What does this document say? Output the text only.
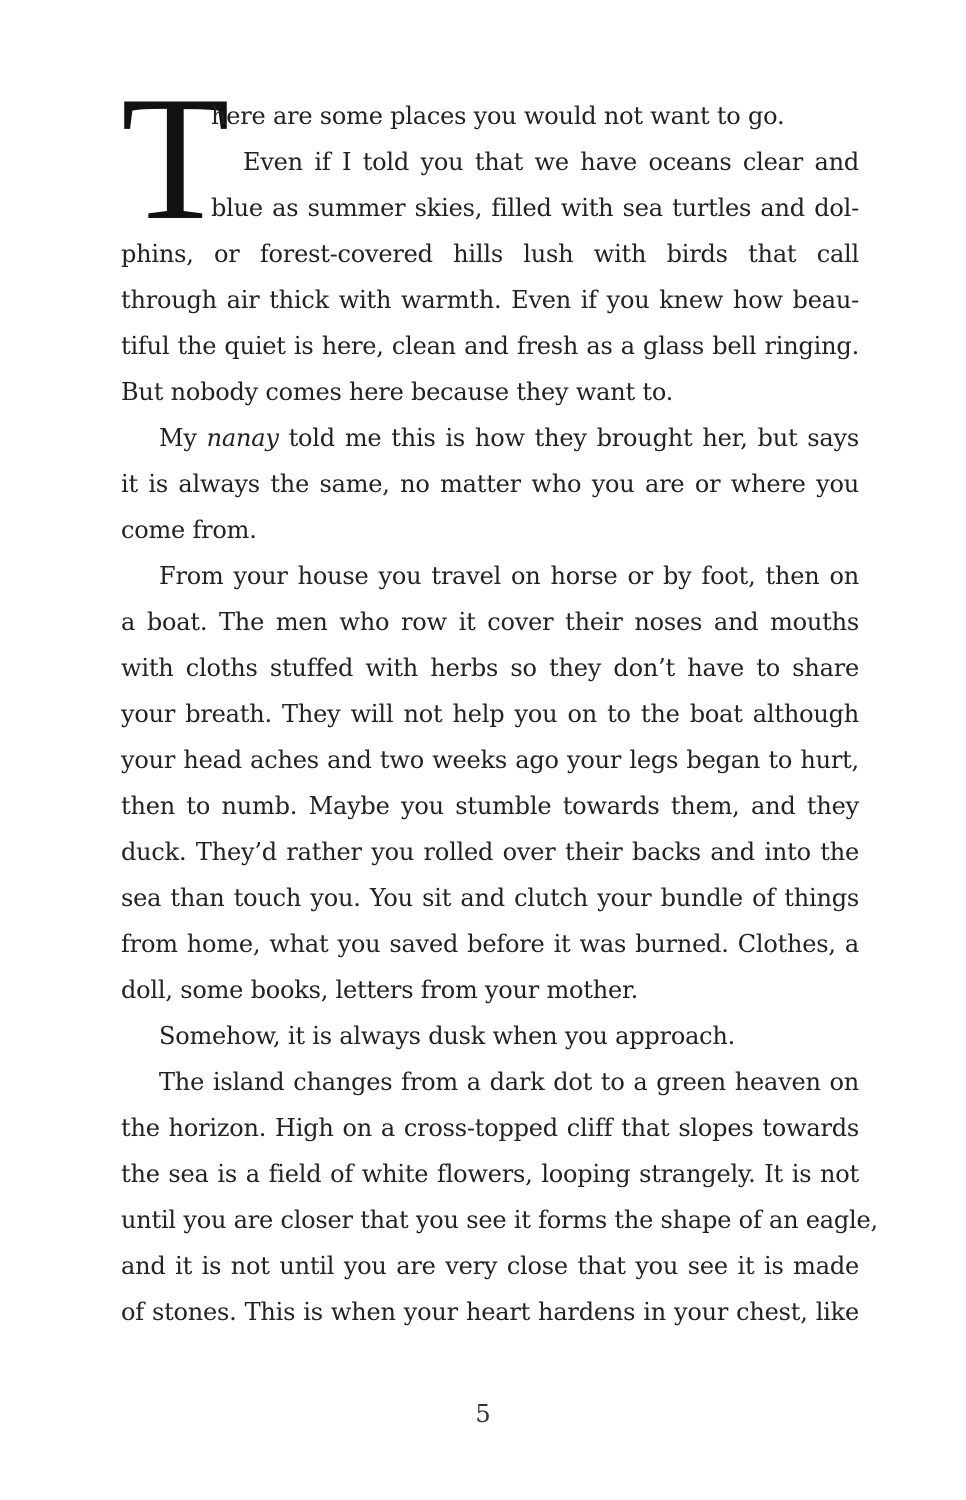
T
here are some places you would not want to go.
Even if I told you that we have oceans clear and
blue as summer skies, filled with sea turtles and dol-
phins, or forest-covered hills lush with birds that call
through air thick with warmth. Even if you knew how beau-
tiful the quiet is here, clean and fresh as a glass bell ringing.
But nobody comes here because they want to.
My nanay told me this is how they brought her, but says
it is always the same, no matter who you are or where you
come from.
From your house you travel on horse or by foot, then on
a boat. The men who row it cover their noses and mouths
with cloths stuffed with herbs so they don’t have to share
your breath. They will not help you on to the boat although
your head aches and two weeks ago your legs began to hurt,
then to numb. Maybe you stumble towards them, and they
duck. They’d rather you rolled over their backs and into the
sea than touch you. You sit and clutch your bundle of things
from home, what you saved before it was burned. Clothes, a
doll, some books, letters from your mother.
Somehow, it is always dusk when you approach.
The island changes from a dark dot to a green heaven on
the horizon. High on a cross-topped cliff that slopes towards
the sea is a field of white flowers, looping strangely. It is not
until you are closer that you see it forms the shape of an eagle,
and it is not until you are very close that you see it is made
of stones. This is when your heart hardens in your chest, like
5
